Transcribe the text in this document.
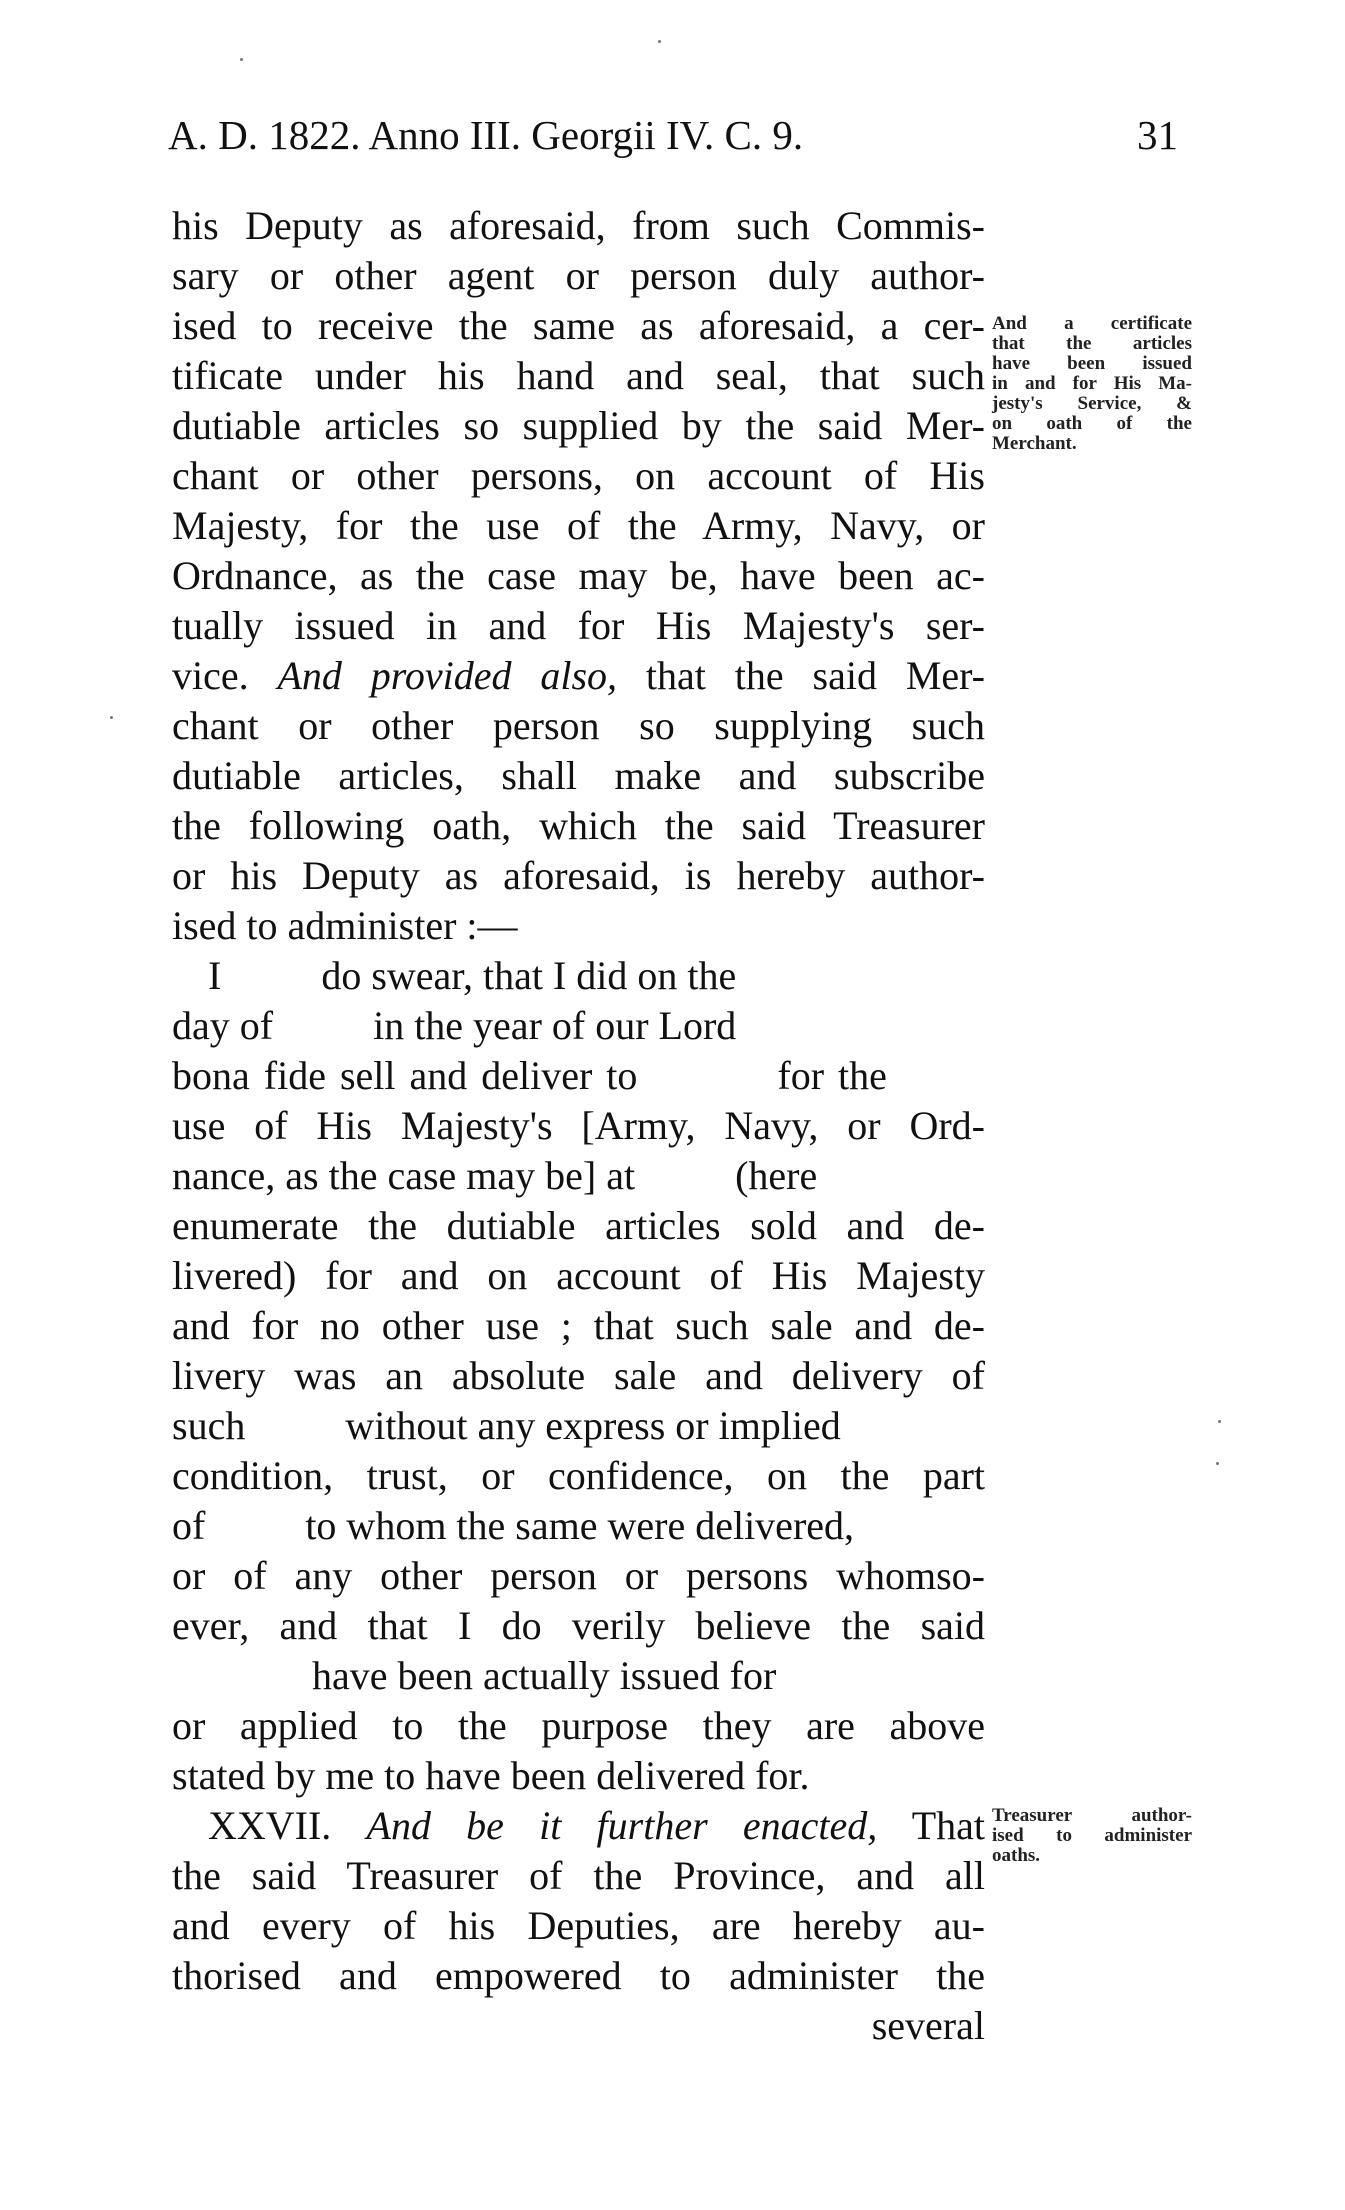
A. D. 1822. Anno III. Georgii IV. C. 9.	31
his Deputy as aforesaid, from such Commis-
sary or other agent or person duly author-
ised to receive the same as aforesaid, a cer-
tificate under his hand and seal, that such
dutiable articles so supplied by the said Mer-
chant or other persons, on account of His
Majesty, for the use of the Army, Navy, or
Ordnance, as the case may be, have been ac-
tually issued in and for His Majesty's ser-
vice. And provided also, that the said Mer-
chant or other person so supplying such
dutiable articles, shall make and subscribe
the following oath, which the said Treasurer
or his Deputy as aforesaid, is hereby author-
ised to administer :—
I          do swear, that I did on the
day of          in the year of our Lord
bona fide sell and deliver to          for the
use of His Majesty's [Army, Navy, or Ord-
nance, as the case may be] at          (here
enumerate the dutiable articles sold and de-
livered) for and on account of His Majesty
and for no other use ; that such sale and de-
livery was an absolute sale and delivery of
such          without any express or implied
condition, trust, or confidence, on the part
of          to whom the same were delivered,
or of any other person or persons whomso-
ever, and that I do verily believe the said
have been actually issued for
or applied to the purpose they are above
stated by me to have been delivered for.
XXVII. And be it further enacted, That
the said Treasurer of the Province, and all
and every of his Deputies, are hereby au-
thorised and empowered to administer the
several
And a certificate
that the articles
have been issued
in and for His Ma-
jesty's Service, &
on oath of the
Merchant.
Treasurer author-
ised to administer
oaths.
